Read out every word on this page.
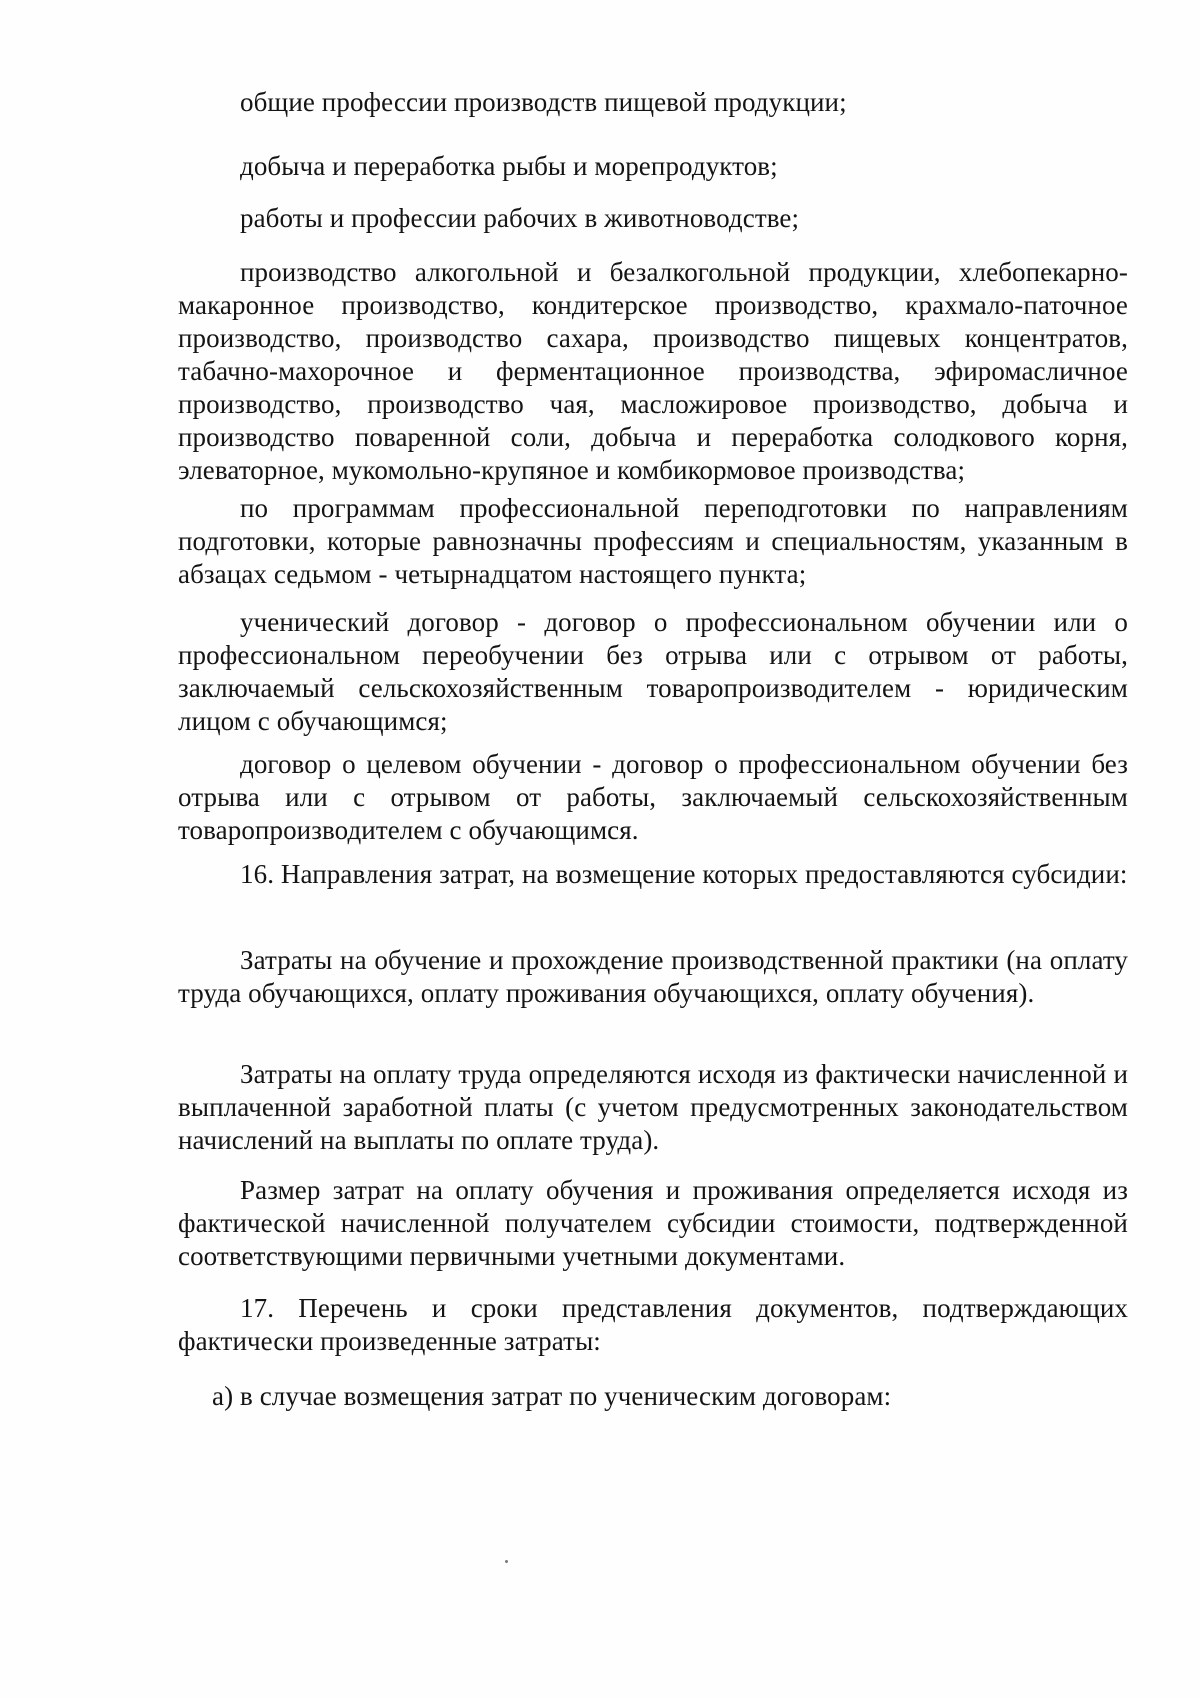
общие профессии производств пищевой продукции;

добыча и переработка рыбы и морепродуктов;

работы и профессии рабочих в животноводстве;

производство алкогольной и безалкогольной продукции, хлебопекарно-макаронное производство, кондитерское производство, крахмало-паточное производство, производство сахара, производство пищевых концентратов, табачно-махорочное и ферментационное производства, эфиромасличное производство, производство чая, масложировое производство, добыча и производство поваренной соли, добыча и переработка солодкового корня, элеваторное, мукомольно-крупяное и комбикормовое производства;

по программам профессиональной переподготовки по направлениям подготовки, которые равнозначны профессиям и специальностям, указанным в абзацах седьмом - четырнадцатом настоящего пункта;

ученический договор - договор о профессиональном обучении или о профессиональном переобучении без отрыва или с отрывом от работы, заключаемый сельскохозяйственным товаропроизводителем - юридическим лицом с обучающимся;

договор о целевом обучении - договор о профессиональном обучении без отрыва или с отрывом от работы, заключаемый сельскохозяйственным товаропроизводителем с обучающимся.

16. Направления затрат, на возмещение которых предоставляются субсидии:

Затраты на обучение и прохождение производственной практики (на оплату труда обучающихся, оплату проживания обучающихся, оплату обучения).

Затраты на оплату труда определяются исходя из фактически начисленной и выплаченной заработной платы (с учетом предусмотренных законодательством начислений на выплаты по оплате труда).

Размер затрат на оплату обучения и проживания определяется исходя из фактической начисленной получателем субсидии стоимости, подтвержденной соответствующими первичными учетными документами.

17. Перечень и сроки представления документов, подтверждающих фактически произведенные затраты:

а) в случае возмещения затрат по ученическим договорам:
